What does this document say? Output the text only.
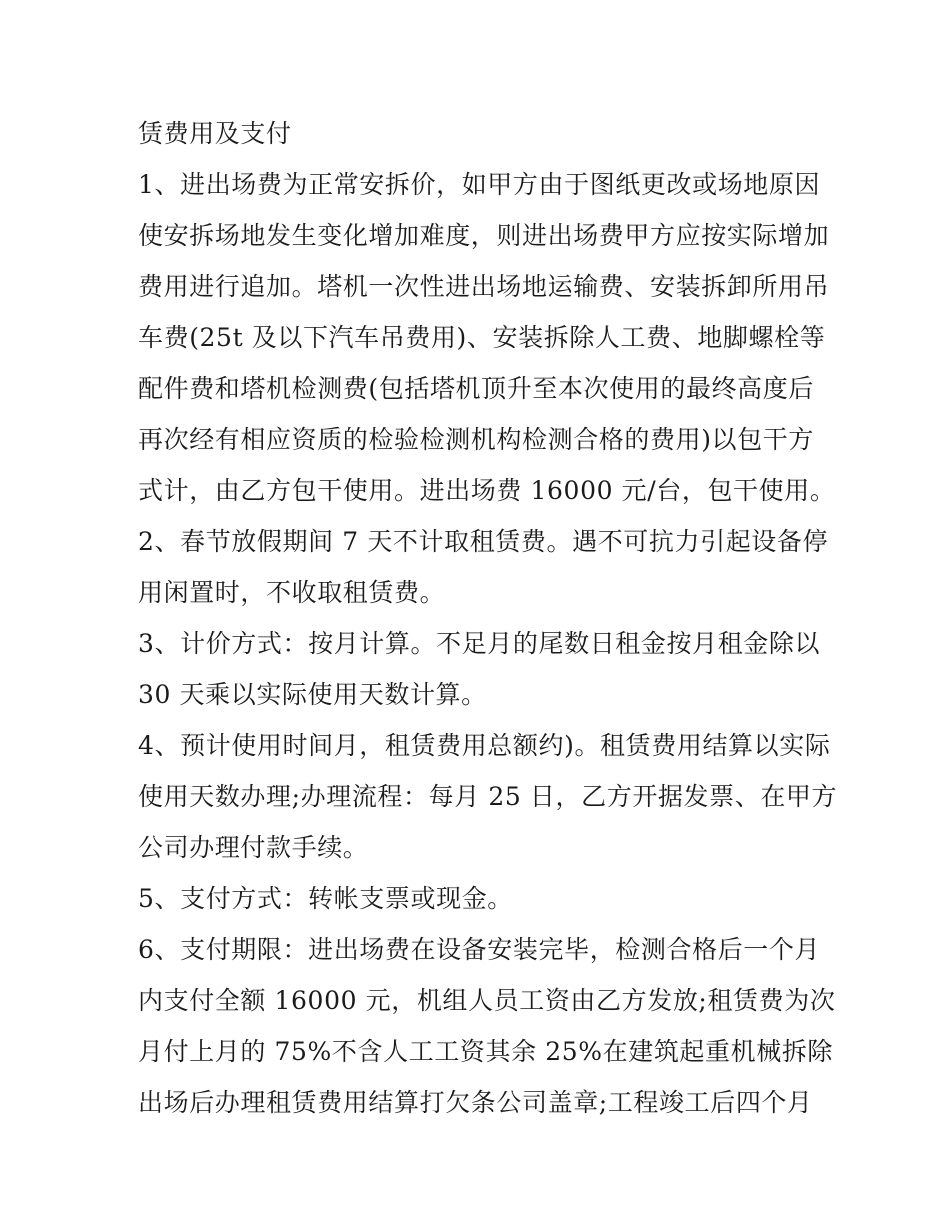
赁费用及支付
1、进出场费为正常安拆价，如甲方由于图纸更改或场地原因
使安拆场地发生变化增加难度，则进出场费甲方应按实际增加
费用进行追加。塔机一次性进出场地运输费、安装拆卸所用吊
车费(25t 及以下汽车吊费用)、安装拆除人工费、地脚螺栓等
配件费和塔机检测费(包括塔机顶升至本次使用的最终高度后
再次经有相应资质的检验检测机构检测合格的费用)以包干方
式计，由乙方包干使用。进出场费 16000 元/台，包干使用。
2、春节放假期间 7 天不计取租赁费。遇不可抗力引起设备停
用闲置时，不收取租赁费。
3、计价方式：按月计算。不足月的尾数日租金按月租金除以
30 天乘以实际使用天数计算。
4、预计使用时间月，租赁费用总额约)。租赁费用结算以实际
使用天数办理;办理流程：每月 25 日，乙方开据发票、在甲方
公司办理付款手续。
5、支付方式：转帐支票或现金。
6、支付期限：进出场费在设备安装完毕，检测合格后一个月
内支付全额 16000 元，机组人员工资由乙方发放;租赁费为次
月付上月的 75%不含人工工资其余 25%在建筑起重机械拆除
出场后办理租赁费用结算打欠条公司盖章;工程竣工后四个月
